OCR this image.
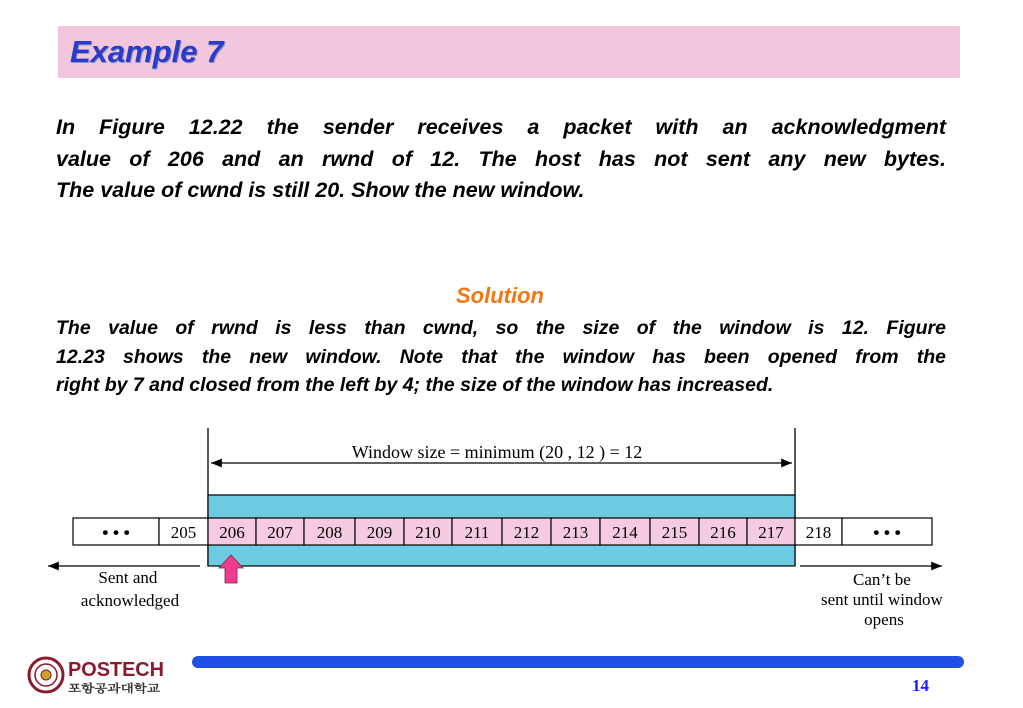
Example 7
In Figure 12.22 the sender receives a packet with an acknowledgment
value of 206 and an rwnd of 12. The host has not sent any new bytes.
The value of cwnd is still 20. Show the new window.
Solution
The value of rwnd is less than cwnd, so the size of the window is 12. Figure
12.23 shows the new window. Note that the window has been opened from the
right by 7 and closed from the left by 4; the size of the window has increased.
Window size = minimum (20 , 12 ) = 12
• • • 205 206 207 208 209 210 211 212 213 214 215 216 217 218 • • •
Sent and acknowledged
Can’t be sent until window opens
POSTECH
포항공과대학교	14
